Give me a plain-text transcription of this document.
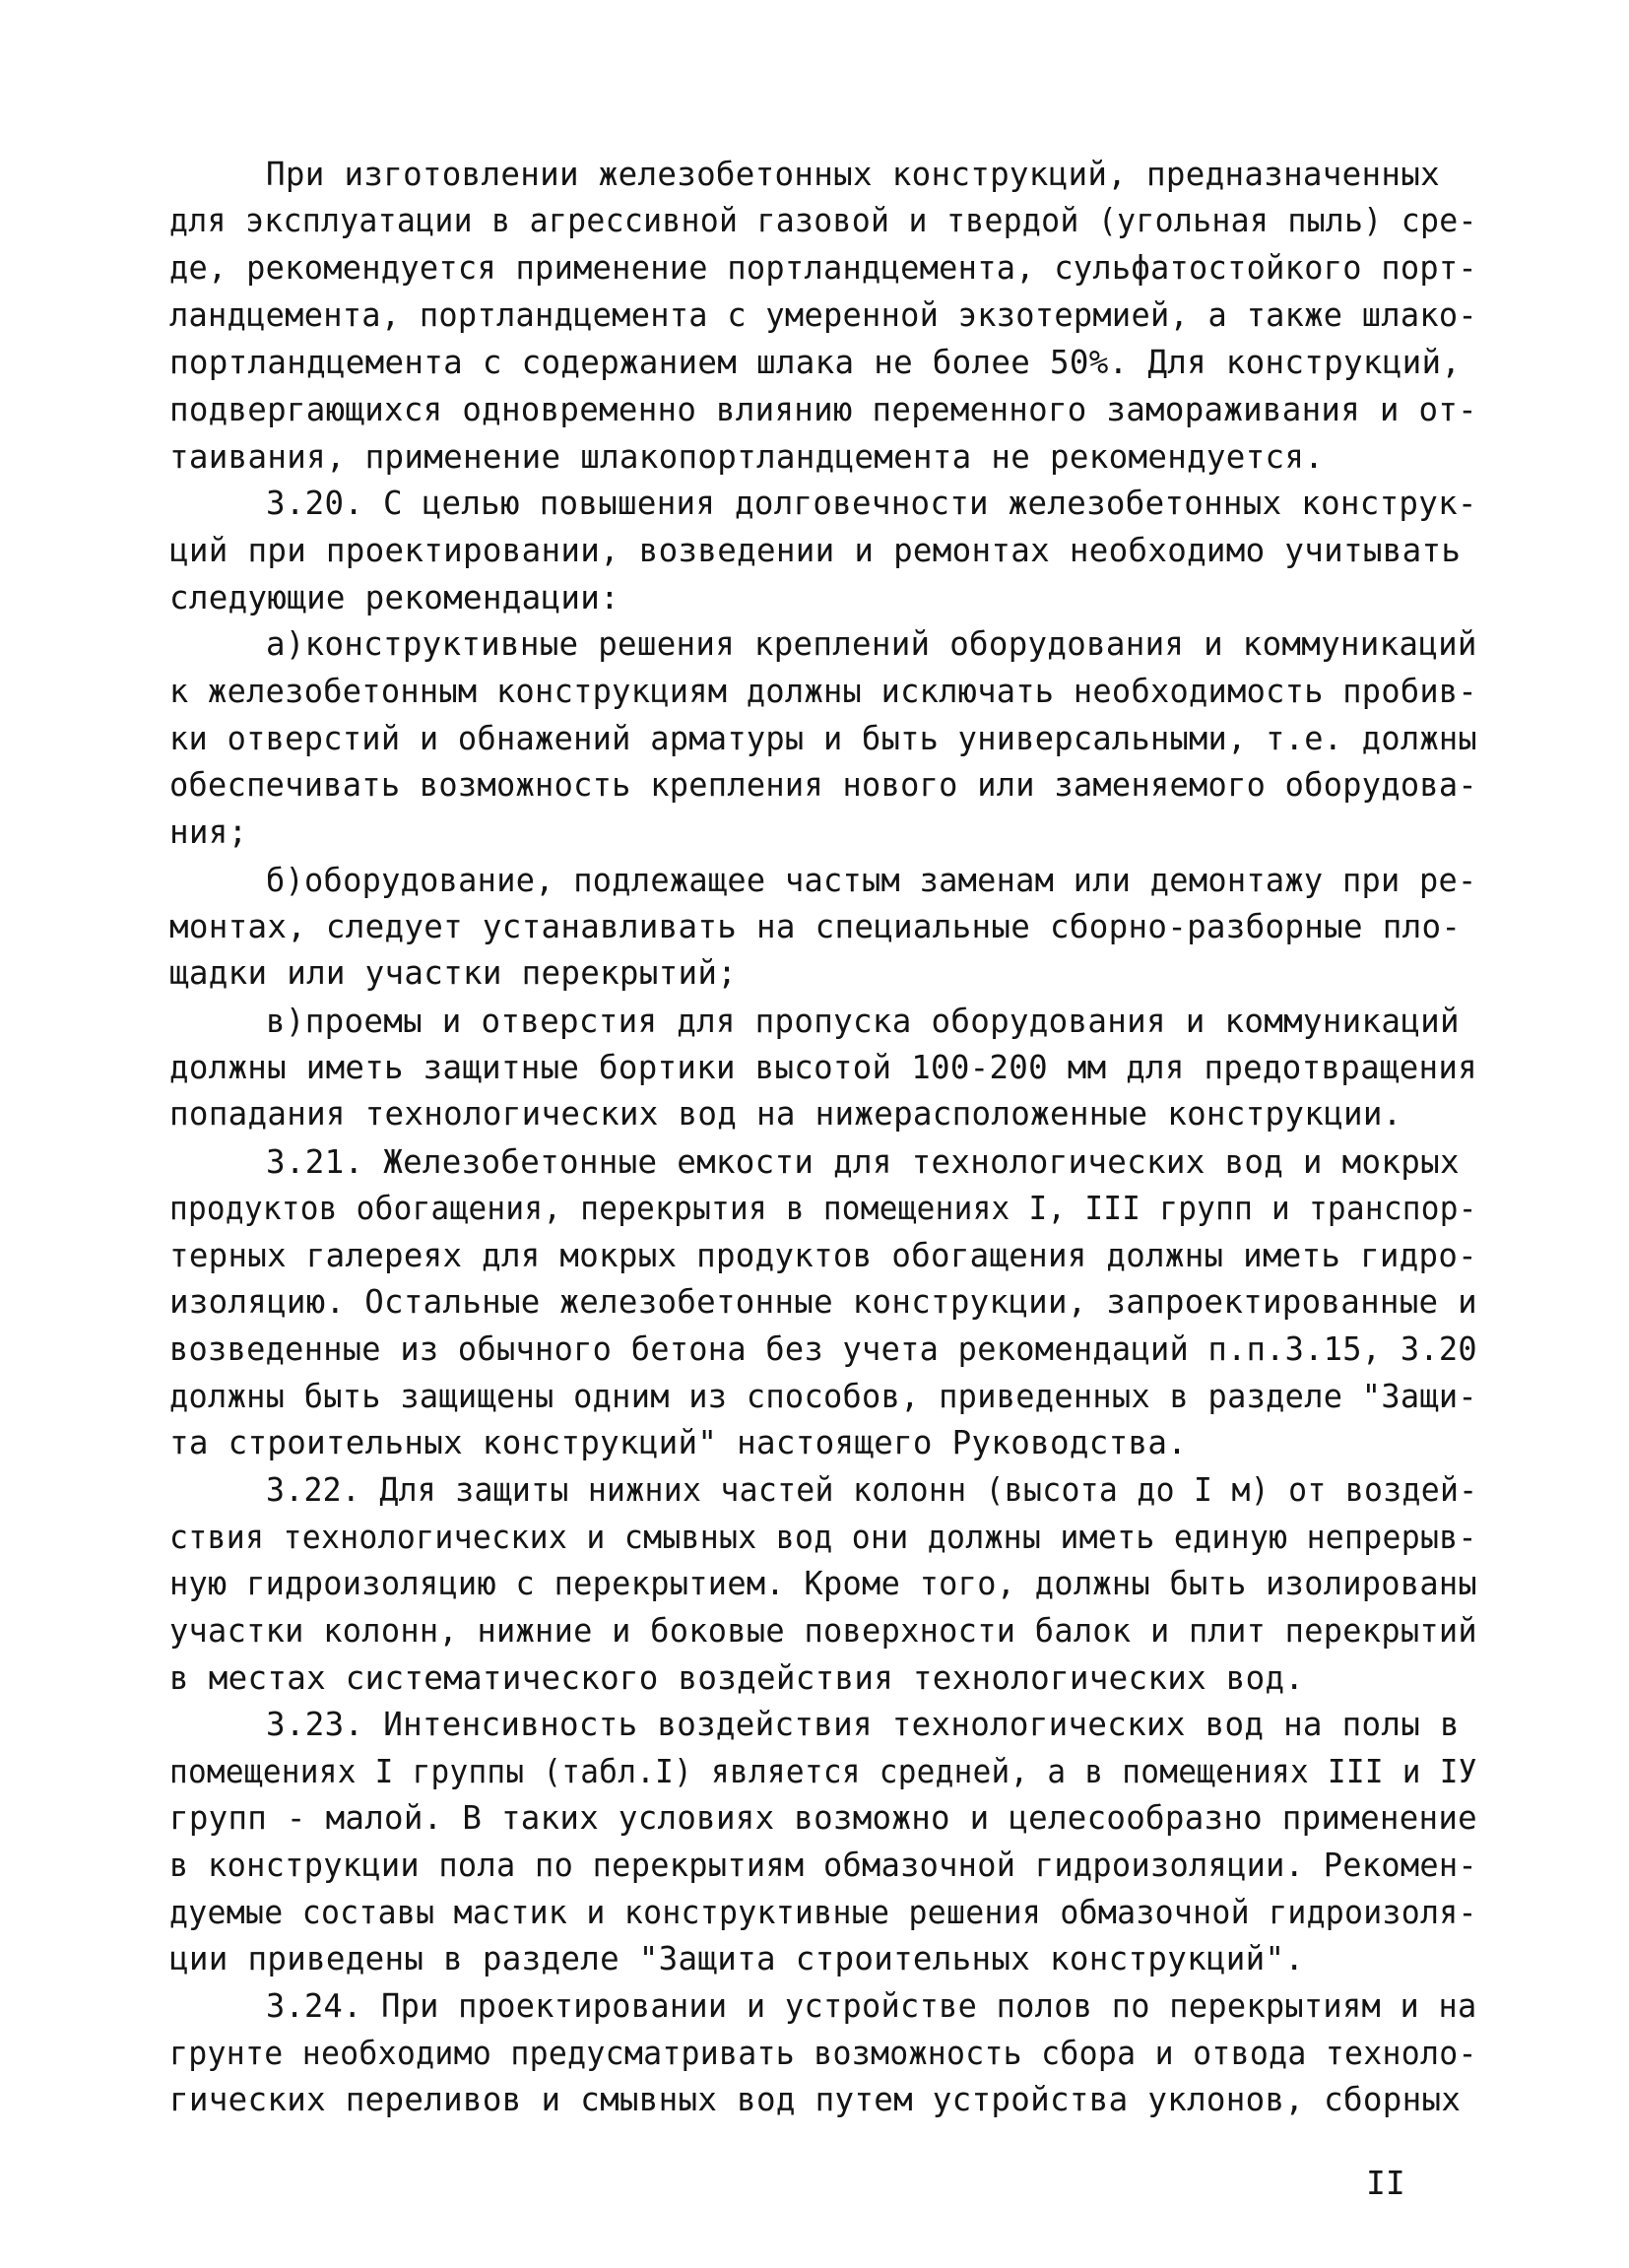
При изготовлении железобетонных конструкций, предназначенных
для эксплуатации в агрессивной газовой и твердой (угольная пыль) сре-
де, рекомендуется применение портландцемента, сульфатостойкого порт-
ландцемента, портландцемента с умеренной экзотермией, а также шлако-
портландцемента с содержанием шлака не более 50%. Для конструкций,
подвергающихся одновременно влиянию переменного замораживания и от-
таивания, применение шлакопортландцемента не рекомендуется.
3.20. С целью повышения долговечности железобетонных конструк-
ций при проектировании, возведении и ремонтах необходимо учитывать
следующие рекомендации:
а)конструктивные решения креплений оборудования и коммуникаций
к железобетонным конструкциям должны исключать необходимость пробив-
ки отверстий и обнажений арматуры и быть универсальными, т.е. должны
обеспечивать возможность крепления нового или заменяемого оборудова-
ния;
б)оборудование, подлежащее частым заменам или демонтажу при ре-
монтах, следует устанавливать на специальные сборно-разборные пло-
щадки или участки перекрытий;
в)проемы и отверстия для пропуска оборудования и коммуникаций
должны иметь защитные бортики высотой 100-200 мм для предотвращения
попадания технологических вод на нижерасположенные конструкции.
3.21. Железобетонные емкости для технологических вод и мокрых
продуктов обогащения, перекрытия в помещениях I, III групп и транспор-
терных галереях для мокрых продуктов обогащения должны иметь гидро-
изоляцию. Остальные железобетонные конструкции, запроектированные и
возведенные из обычного бетона без учета рекомендаций п.п.3.15, 3.20
должны быть защищены одним из способов, приведенных в разделе "Защи-
та строительных конструкций" настоящего Руководства.
3.22. Для защиты нижних частей колонн (высота до I м) от воздей-
ствия технологических и смывных вод они должны иметь единую непрерыв-
ную гидроизоляцию с перекрытием. Кроме того, должны быть изолированы
участки колонн, нижние и боковые поверхности балок и плит перекрытий
в местах систематического воздействия технологических вод.
3.23. Интенсивность воздействия технологических вод на полы в
помещениях I группы (табл.I) является средней, а в помещениях III и IУ
групп - малой. В таких условиях возможно и целесообразно применение
в конструкции пола по перекрытиям обмазочной гидроизоляции. Рекомен-
дуемые составы мастик и конструктивные решения обмазочной гидроизоля-
ции приведены в разделе "Защита строительных конструкций".
3.24. При проектировании и устройстве полов по перекрытиям и на
грунте необходимо предусматривать возможность сбора и отвода техноло-
гических переливов и смывных вод путем устройства уклонов, сборных
II
